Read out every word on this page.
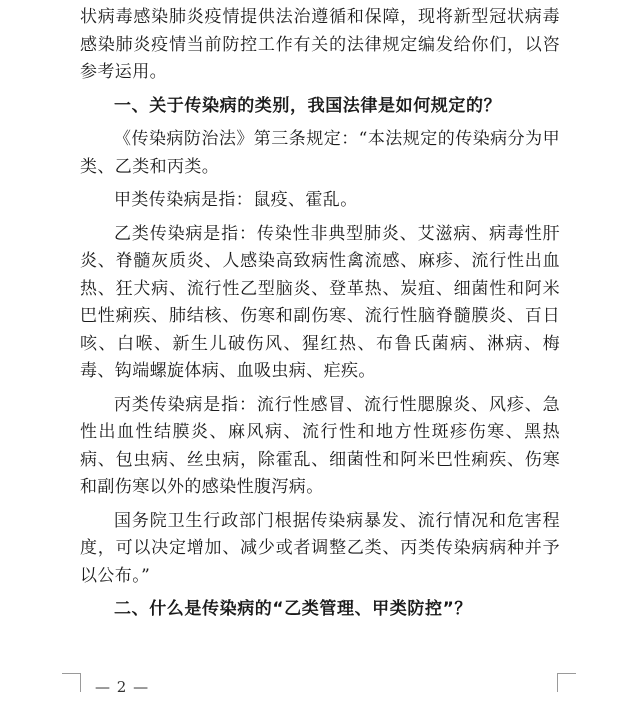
状病毒感染肺炎疫情提供法治遵循和保障，现将新型冠状病毒感染肺炎疫情当前防控工作有关的法律规定编发给你们，以咨参考运用。

一、关于传染病的类别，我国法律是如何规定的？

《传染病防治法》第三条规定：“本法规定的传染病分为甲类、乙类和丙类。

甲类传染病是指：鼠疫、霍乱。

乙类传染病是指：传染性非典型肺炎、艾滋病、病毒性肝炎、脊髓灰质炎、人感染高致病性禽流感、麻疹、流行性出血热、狂犬病、流行性乙型脑炎、登革热、炭疽、细菌性和阿米巴性痢疾、肺结核、伤寒和副伤寒、流行性脑脊髓膜炎、百日咳、白喉、新生儿破伤风、猩红热、布鲁氏菌病、淋病、梅毒、钩端螺旋体病、血吸虫病、疟疾。

丙类传染病是指：流行性感冒、流行性腮腺炎、风疹、急性出血性结膜炎、麻风病、流行性和地方性斑疹伤寒、黑热病、包虫病、丝虫病，除霍乱、细菌性和阿米巴性痢疾、伤寒和副伤寒以外的感染性腹泻病。

国务院卫生行政部门根据传染病暴发、流行情况和危害程度，可以决定增加、减少或者调整乙类、丙类传染病病种并予以公布。”

二、什么是传染病的“乙类管理、甲类防控”？

— 2 —
